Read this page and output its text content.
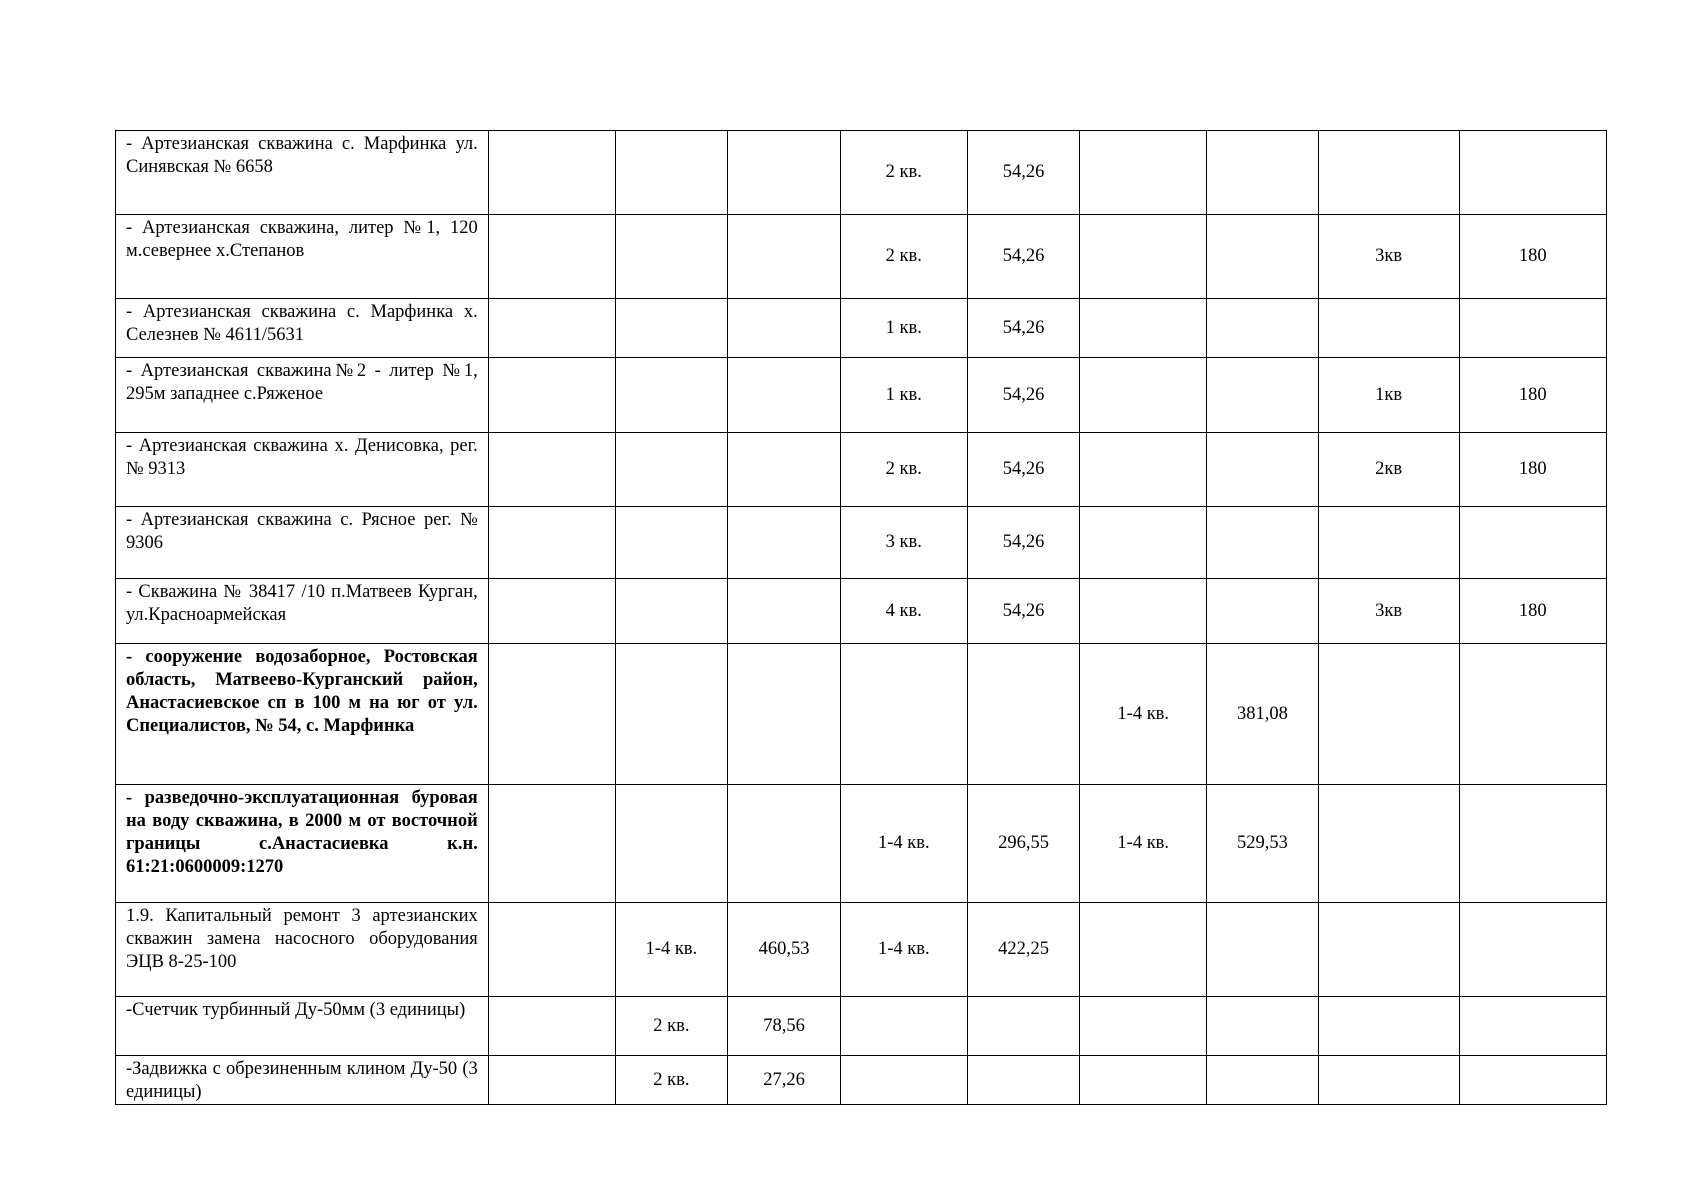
- Артезианская скважина с. Марфинка ул. Синявская № 6658				2 кв.	54,26				
- Артезианская скважина, литер №1, 120 м.севернее х.Степанов				2 кв.	54,26			3кв	180
- Артезианская скважина с. Марфинка х. Селезнев № 4611/5631				1 кв.	54,26				
- Артезианская скважина№2 - литер №1, 295м западнее с.Ряженое				1 кв.	54,26			1кв	180
- Артезианская скважина х. Денисовка, рег. № 9313				2 кв.	54,26			2кв	180
- Артезианская скважина с. Рясное рег. № 9306				3 кв.	54,26				
- Скважина № 38417 /10 п.Матвеев Курган, ул.Красноармейская				4 кв.	54,26			3кв	180
- сооружение водозаборное, Ростовская область, Матвеево-Курганский район, Анастасиевское сп в 100 м на юг от ул. Специалистов, № 54, с. Марфинка						1-4 кв.	381,08		
- разведочно-эксплуатационная буровая на воду скважина, в 2000 м от восточной границы с.Анастасиевка к.н. 61:21:0600009:1270				1-4 кв.	296,55	1-4 кв.	529,53		
1.9. Капитальный ремонт 3 артезианских скважин замена насосного оборудования ЭЦВ 8-25-100		1-4 кв.	460,53	1-4 кв.	422,25				
-Счетчик турбинный Ду-50мм (3 единицы)		2 кв.	78,56						
-Задвижка с обрезиненным клином Ду-50 (3 единицы)		2 кв.	27,26						
